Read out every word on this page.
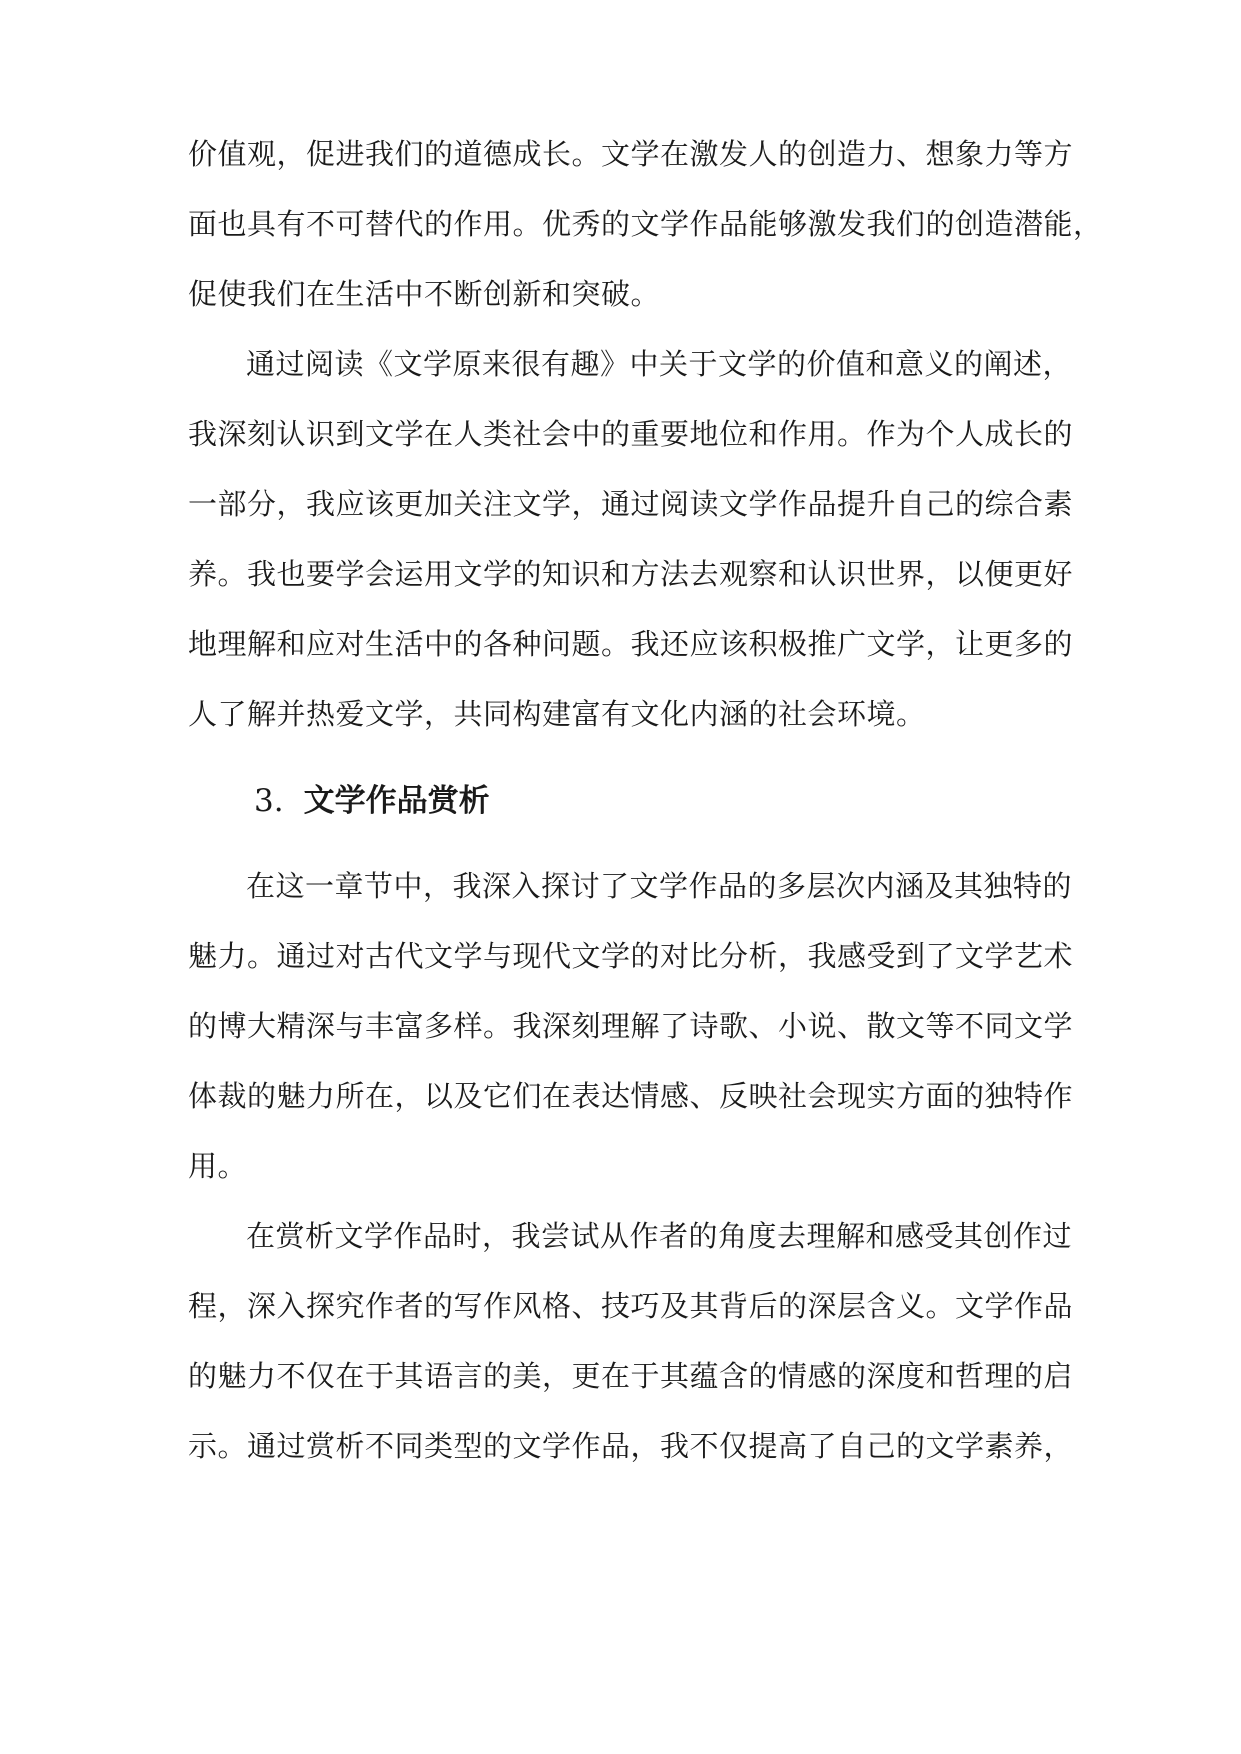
价值观，促进我们的道德成长。文学在激发人的创造力、想象力等方
面也具有不可替代的作用。优秀的文学作品能够激发我们的创造潜能，
促使我们在生活中不断创新和突破。
通过阅读《文学原来很有趣》中关于文学的价值和意义的阐述，
我深刻认识到文学在人类社会中的重要地位和作用。作为个人成长的
一部分，我应该更加关注文学，通过阅读文学作品提升自己的综合素
养。我也要学会运用文学的知识和方法去观察和认识世界，以便更好
地理解和应对生活中的各种问题。我还应该积极推广文学，让更多的
人了解并热爱文学，共同构建富有文化内涵的社会环境。
3. 文学作品赏析
在这一章节中，我深入探讨了文学作品的多层次内涵及其独特的
魅力。通过对古代文学与现代文学的对比分析，我感受到了文学艺术
的博大精深与丰富多样。我深刻理解了诗歌、小说、散文等不同文学
体裁的魅力所在，以及它们在表达情感、反映社会现实方面的独特作
用。
在赏析文学作品时，我尝试从作者的角度去理解和感受其创作过
程，深入探究作者的写作风格、技巧及其背后的深层含义。文学作品
的魅力不仅在于其语言的美，更在于其蕴含的情感的深度和哲理的启
示。通过赏析不同类型的文学作品，我不仅提高了自己的文学素养，
